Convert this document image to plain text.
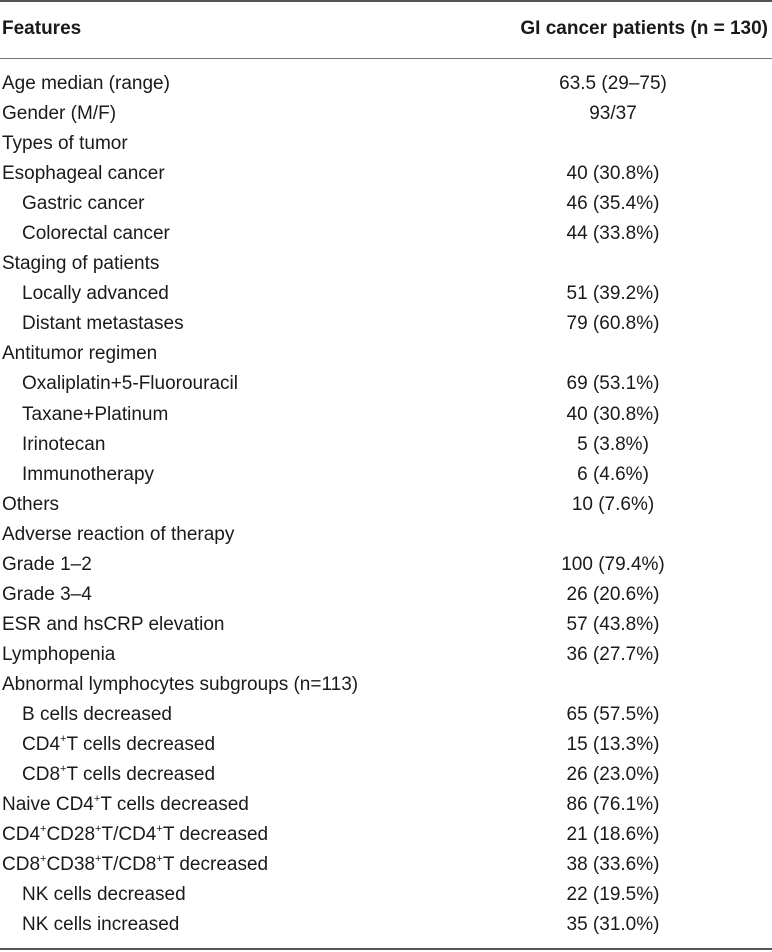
Features	GI cancer patients (n = 130)
Age median (range)	63.5 (29–75)
Gender (M/F)	93/37
Types of tumor
Esophageal cancer	40 (30.8%)
Gastric cancer	46 (35.4%)
Colorectal cancer	44 (33.8%)
Staging of patients
Locally advanced	51 (39.2%)
Distant metastases	79 (60.8%)
Antitumor regimen
Oxaliplatin+5-Fluorouracil	69 (53.1%)
Taxane+Platinum	40 (30.8%)
Irinotecan	5 (3.8%)
Immunotherapy	6 (4.6%)
Others	10 (7.6%)
Adverse reaction of therapy
Grade 1–2	100 (79.4%)
Grade 3–4	26 (20.6%)
ESR and hsCRP elevation	57 (43.8%)
Lymphopenia	36 (27.7%)
Abnormal lymphocytes subgroups (n=113)
B cells decreased	65 (57.5%)
CD4+T cells decreased	15 (13.3%)
CD8+T cells decreased	26 (23.0%)
Naive CD4+T cells decreased	86 (76.1%)
CD4+CD28+T/CD4+T decreased	21 (18.6%)
CD8+CD38+T/CD8+T decreased	38 (33.6%)
NK cells decreased	22 (19.5%)
NK cells increased	35 (31.0%)
